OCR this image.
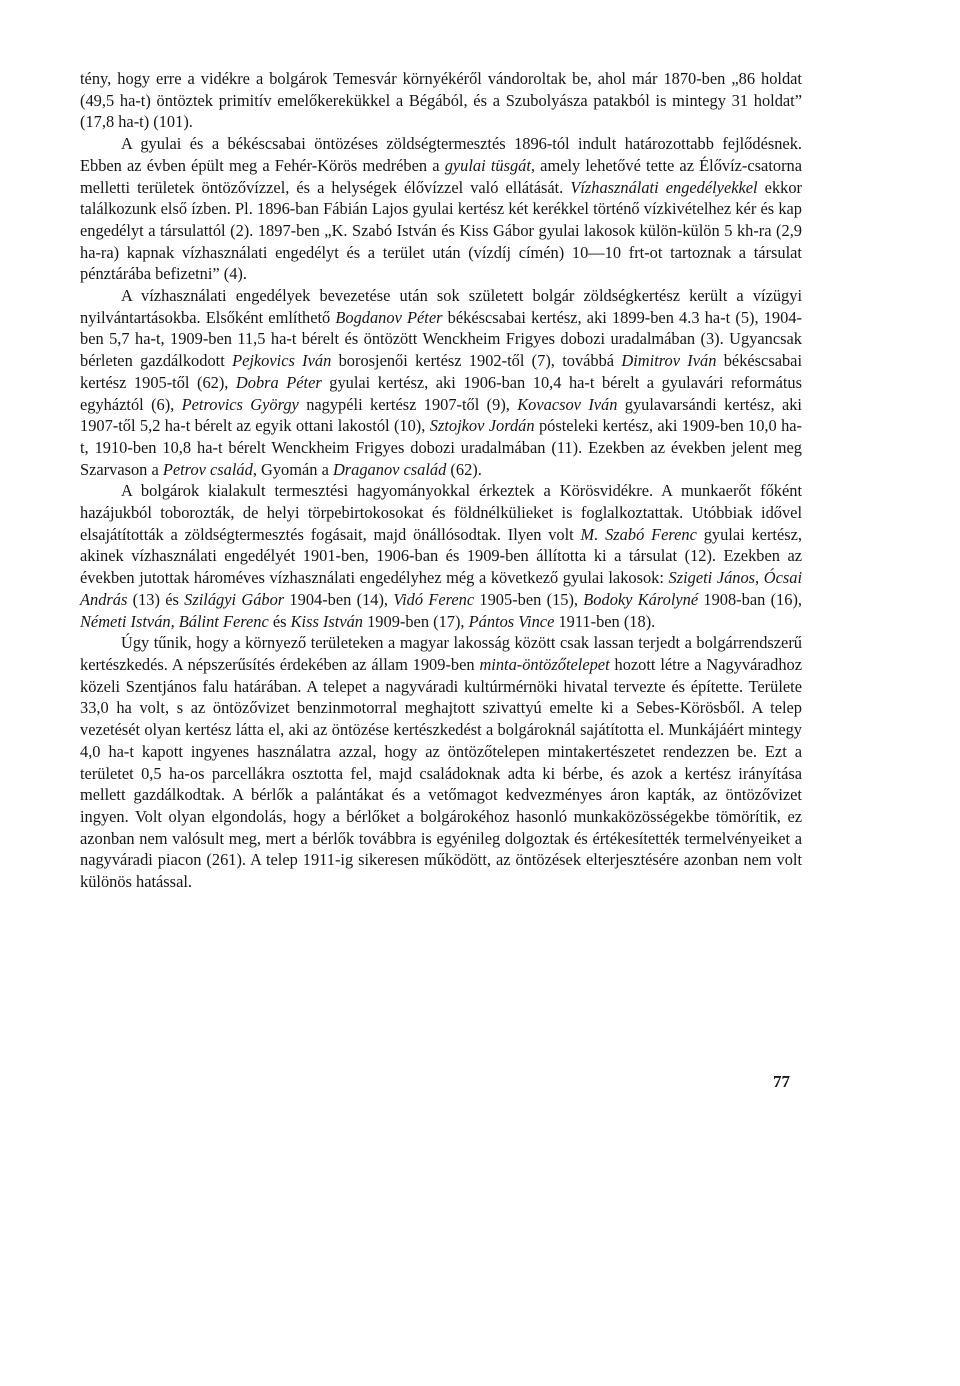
tény, hogy erre a vidékre a bolgárok Temesvár környékéről vándoroltak be, ahol már 1870-ben „86 holdat (49,5 ha-t) öntöztek primitív emelőkerekükkel a Bégából, és a Szubolyásza patakból is mintegy 31 holdat” (17,8 ha-t) (101).

A gyulai és a békéscsabai öntözéses zöldségtermesztés 1896-tól indult határozottabb fejlődésnek. Ebben az évben épült meg a Fehér-Körös medrében a gyulai tüsgát, amely lehetővé tette az Élővíz-csatorna melletti területek öntözővízzel, és a helységek élővízzel való ellátását. Vízhasználati engedélyekkel ekkor találkozunk első ízben. Pl. 1896-ban Fábián Lajos gyulai kertész két kerékkel történő vízkivételhez kér és kap engedélyt a társulattól (2). 1897-ben „K. Szabó István és Kiss Gábor gyulai lakosok külön-külön 5 kh-ra (2,9 ha-ra) kapnak vízhasználati engedélyt és a terület után (vízdíj címén) 10—10 frt-ot tartoznak a társulat pénztárába befizetni” (4).

A vízhasználati engedélyek bevezetése után sok született bolgár zöldségkertész került a vízügyi nyilvántartásokba. Elsőként említhető Bogdanov Péter békéscsabai kertész, aki 1899-ben 4.3 ha-t (5), 1904-ben 5,7 ha-t, 1909-ben 11,5 ha-t bérelt és öntözött Wenckheim Frigyes dobozi uradalmában (3). Ugyancsak bérleten gazdálkodott Pejkovics Iván borosjenői kertész 1902-től (7), továbbá Dimitrov Iván békéscsabai kertész 1905-től (62), Dobra Péter gyulai kertész, aki 1906-ban 10,4 ha-t bérelt a gyulavári református egyháztól (6), Petrovics György nagypéli kertész 1907-től (9), Kovacsov Iván gyulavarsándi kertész, aki 1907-től 5,2 ha-t bérelt az egyik ottani lakostól (10), Sztojkov Jordán pósteleki kertész, aki 1909-ben 10,0 ha-t, 1910-ben 10,8 ha-t bérelt Wenckheim Frigyes dobozi uradalmában (11). Ezekben az években jelent meg Szarvason a Petrov család, Gyomán a Draganov család (62).

A bolgárok kialakult termesztési hagyományokkal érkeztek a Körösvidékre. A munkaerőt főként hazájukból toborozták, de helyi törpebirtokosokat és földnélkülieket is foglalkoztattak. Utóbbiak idővel elsajátították a zöldségtermesztés fogásait, majd önállósodtak. Ilyen volt M. Szabó Ferenc gyulai kertész, akinek vízhasználati engedélyét 1901-ben, 1906-ban és 1909-ben állította ki a társulat (12). Ezekben az években jutottak hároméves vízhasználati engedélyhez még a következő gyulai lakosok: Szigeti János, Ócsai András (13) és Szilágyi Gábor 1904-ben (14), Vidó Ferenc 1905-ben (15), Bodoky Károlyné 1908-ban (16), Németi István, Bálint Ferenc és Kiss István 1909-ben (17), Pántos Vince 1911-ben (18).

Úgy tűnik, hogy a környező területeken a magyar lakosság között csak lassan terjedt a bolgárrendszerű kertészkedés. A népszerűsítés érdekében az állam 1909-ben minta-öntözőtelepet hozott létre a Nagyváradhoz közeli Szentjános falu határában. A telepet a nagyváradi kultúrmérnöki hivatal tervezte és építette. Területe 33,0 ha volt, s az öntözővizet benzinmotorral meghajtott szivattyú emelte ki a Sebes-Körösből. A telep vezetését olyan kertész látta el, aki az öntözése kertészkedést a bolgároknál sajátította el. Munkájáért mintegy 4,0 ha-t kapott ingyenes használatra azzal, hogy az öntözőtelepen mintakertészetet rendezzen be. Ezt a területet 0,5 ha-os parcellákra osztotta fel, majd családoknak adta ki bérbe, és azok a kertész irányítása mellett gazdálkodtak. A bérlők a palántákat és a vetőmagot kedvezményes áron kapták, az öntözővizet ingyen. Volt olyan elgondolás, hogy a bérlőket a bolgárokéhoz hasonló munkaközösségekbe tömörítik, ez azonban nem valósult meg, mert a bérlők továbbra is egyénileg dolgoztak és értékesítették termelvényeiket a nagyváradi piacon (261). A telep 1911-ig sikeresen működött, az öntözések elterjesztésére azonban nem volt különös hatással.

77
